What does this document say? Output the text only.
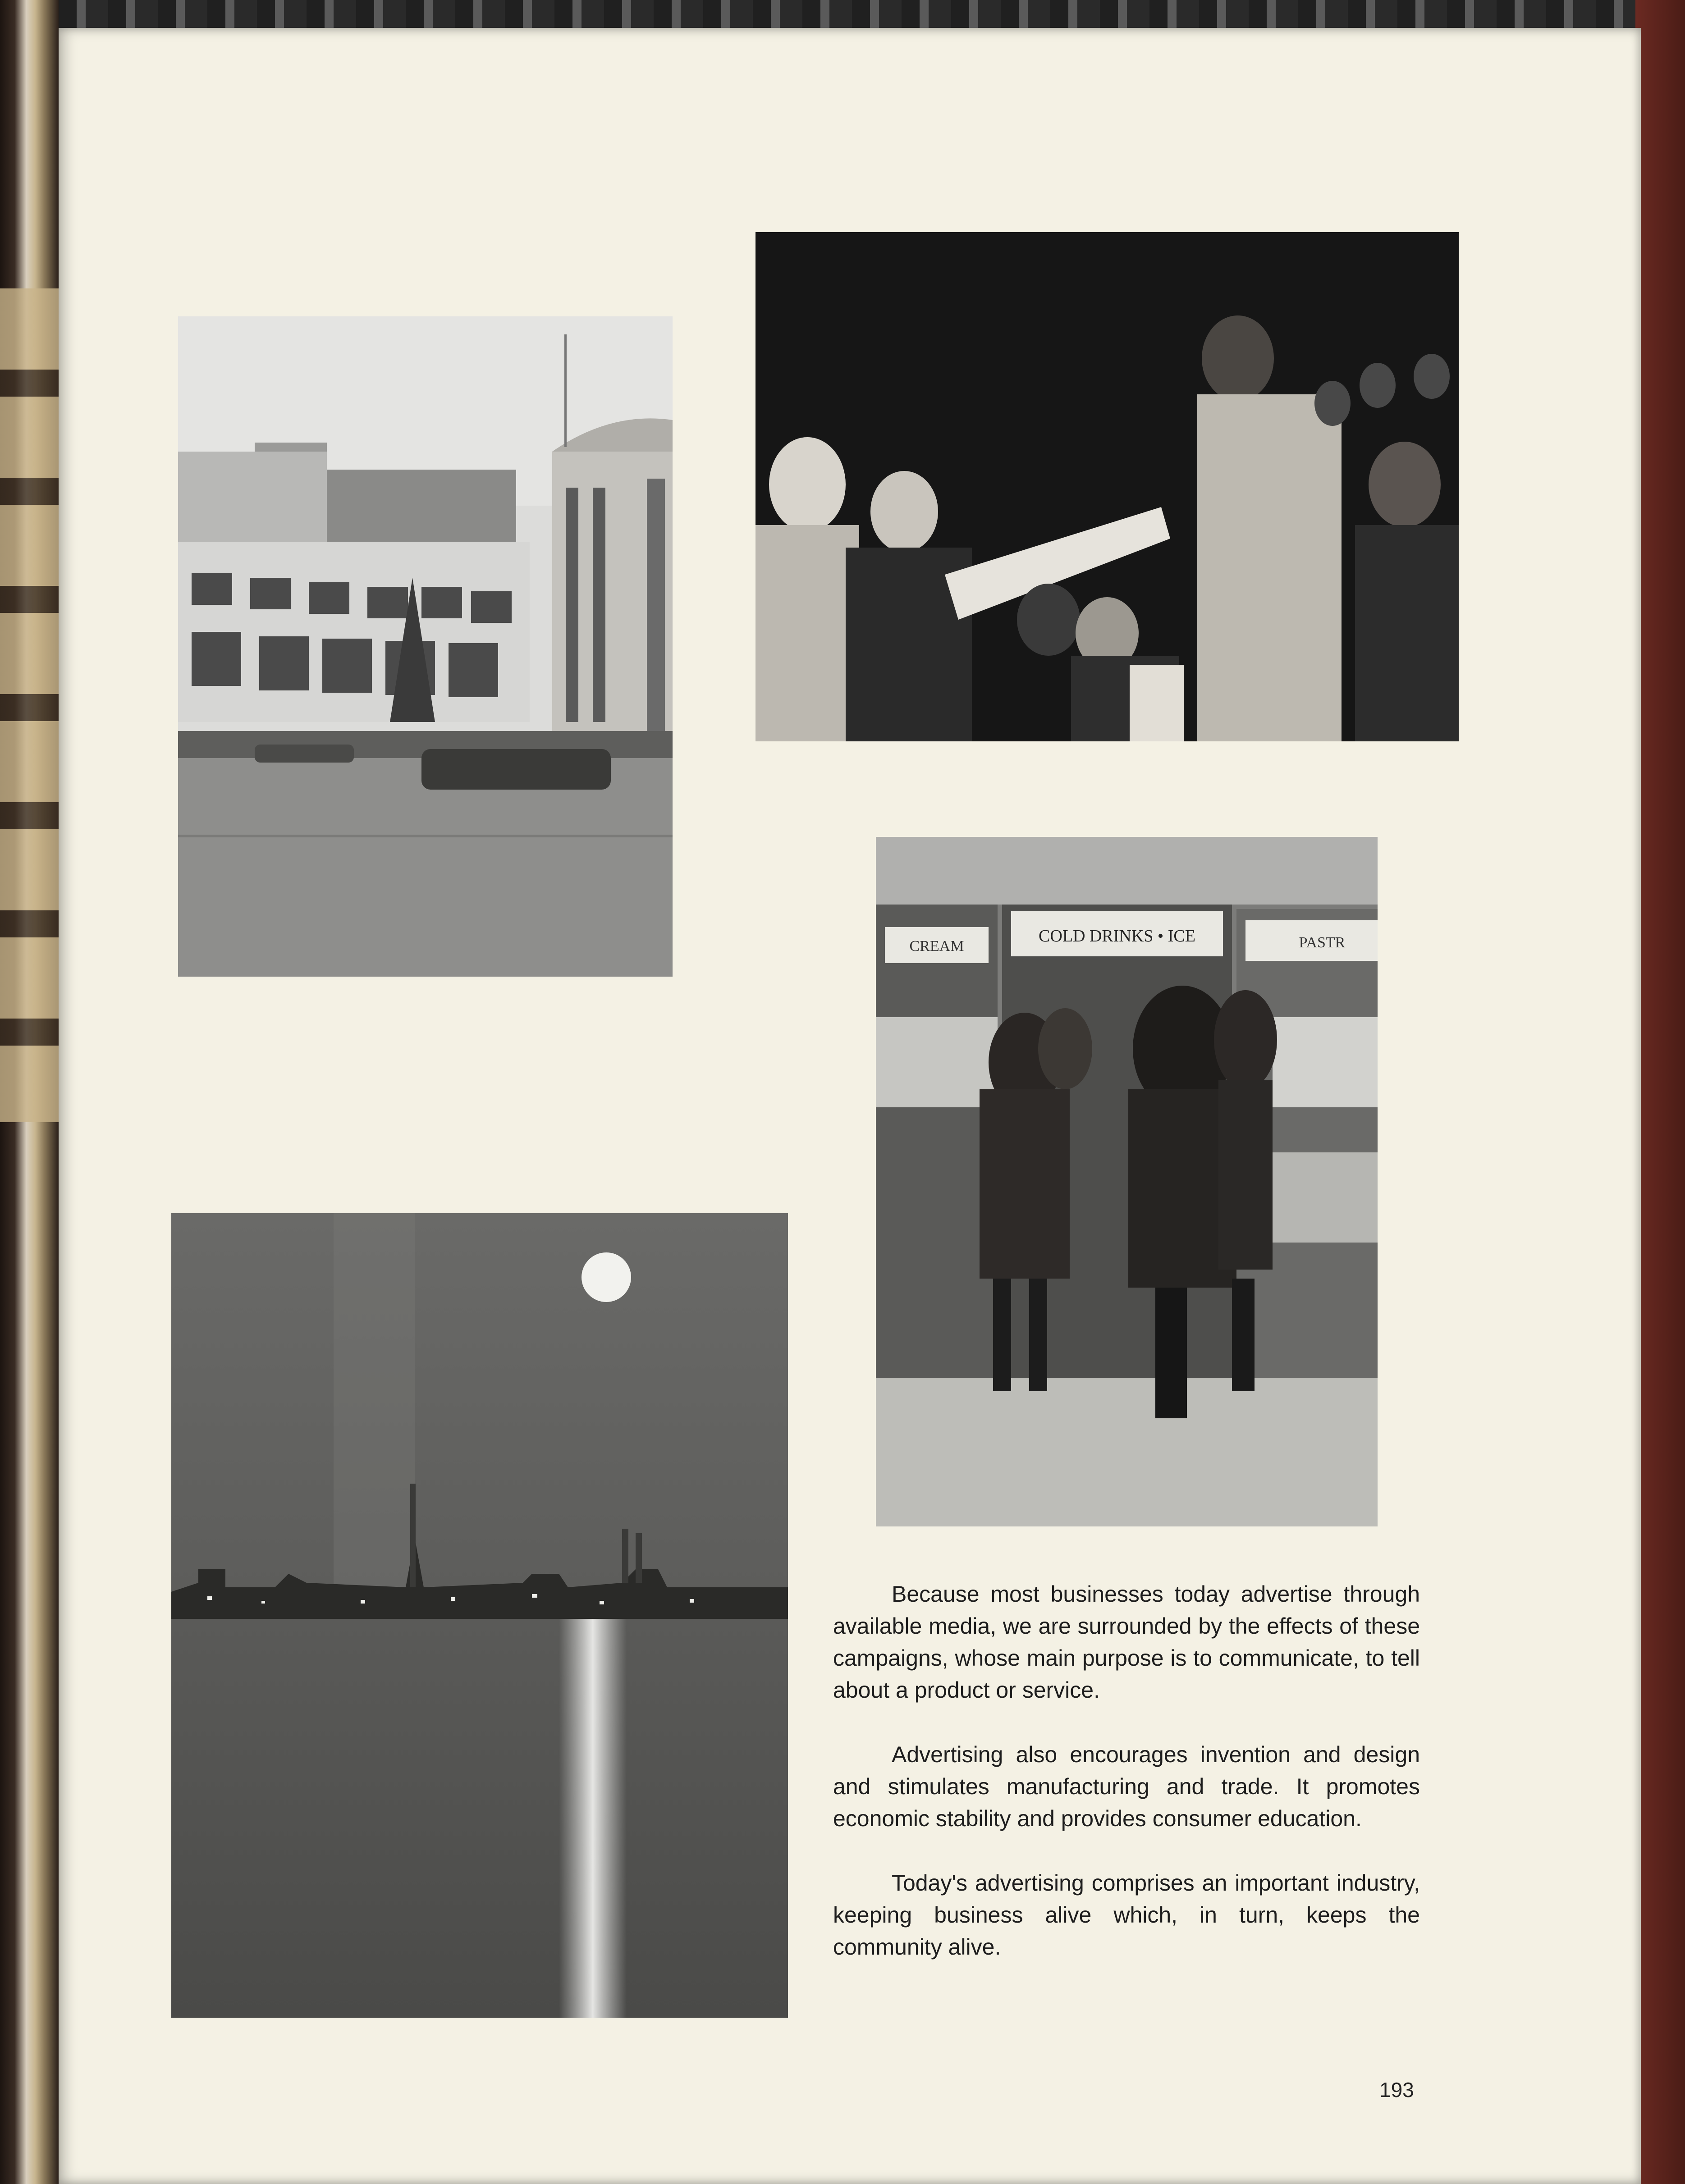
CREAM
COLD DRINKS • ICE	PASTR

Because most businesses today advertise through available media, we are surrounded by the effects of these campaigns, whose main purpose is to communicate, to tell about a product or service.

Advertising also encourages invention and design and stimulates manufacturing and trade. It promotes economic stability and provides consumer education.

Today's advertising comprises an important industry, keeping business alive which, in turn, keeps the community alive.

193
